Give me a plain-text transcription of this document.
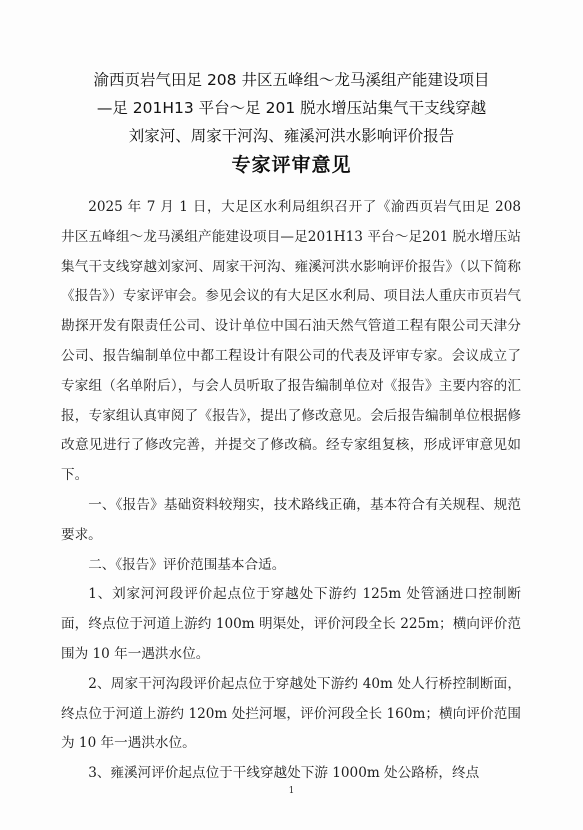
渝西页岩气田足 208 井区五峰组～龙马溪组产能建设项目
—足 201H13 平台～足 201 脱水增压站集气干支线穿越
刘家河、周家干河沟、雍溪河洪水影响评价报告
专家评审意见

2025 年 7 月 1 日，大足区水利局组织召开了《渝西页岩气田足 208 井区五峰组～龙马溪组产能建设项目—足201H13 平台～足201 脱水增压站集气干支线穿越刘家河、周家干河沟、雍溪河洪水影响评价报告》（以下简称《报告》）专家评审会。参见会议的有大足区水利局、项目法人重庆市页岩气勘探开发有限责任公司、设计单位中国石油天然气管道工程有限公司天津分公司、报告编制单位中都工程设计有限公司的代表及评审专家。会议成立了专家组（名单附后），与会人员听取了报告编制单位对《报告》主要内容的汇报，专家组认真审阅了《报告》，提出了修改意见。会后报告编制单位根据修改意见进行了修改完善，并提交了修改稿。经专家组复核，形成评审意见如下。

一、《报告》基础资料较翔实，技术路线正确，基本符合有关规程、规范要求。

二、《报告》评价范围基本合适。

1、刘家河河段评价起点位于穿越处下游约 125m 处管涵进口控制断面，终点位于河道上游约 100m 明渠处，评价河段全长 225m；横向评价范围为 10 年一遇洪水位。

2、周家干河沟段评价起点位于穿越处下游约 40m 处人行桥控制断面，终点位于河道上游约 120m 处拦河堰，评价河段全长 160m；横向评价范围为 10 年一遇洪水位。

3、雍溪河评价起点位于干线穿越处下游 1000m 处公路桥，终点

1
